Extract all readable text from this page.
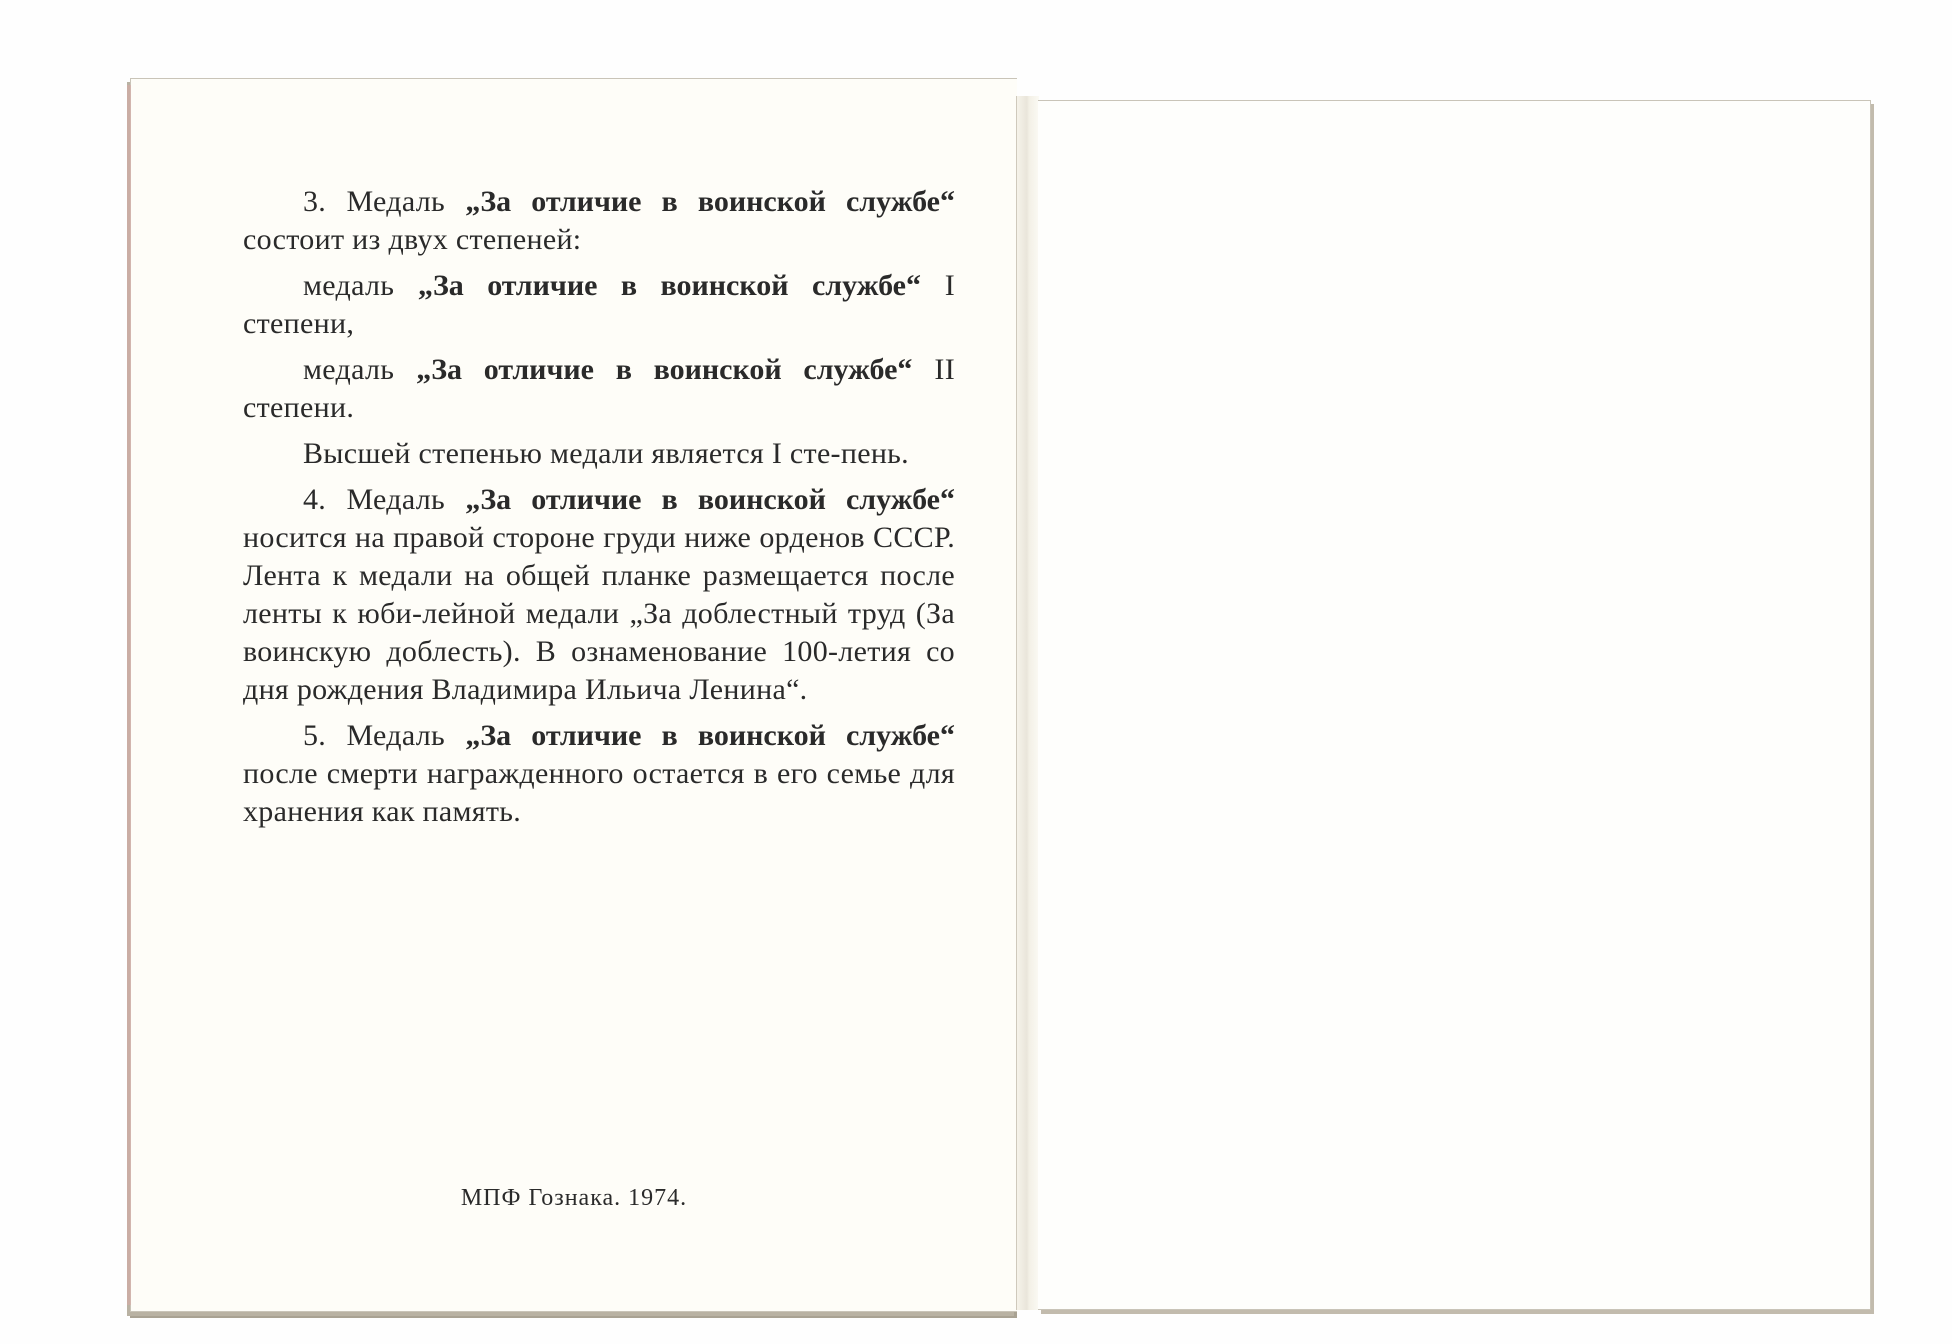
3. Медаль „За отличие в воинской службе“ состоит из двух степеней:

медаль „За отличие в воинской службе“ I степени,

медаль „За отличие в воинской службе“ II степени.

Высшей степенью медали является I сте-пень.

4. Медаль „За отличие в воинской службе“ носится на правой стороне груди ниже орденов СССР. Лента к медали на общей планке размещается после ленты к юби-лейной медали „За доблестный труд (За воинскую доблесть). В ознаменование 100-летия со дня рождения Владимира Ильича Ленина“.

5. Медаль „За отличие в воинской службе“ после смерти награжденного остается в его семье для хранения как память.

МПФ Гознака. 1974.
